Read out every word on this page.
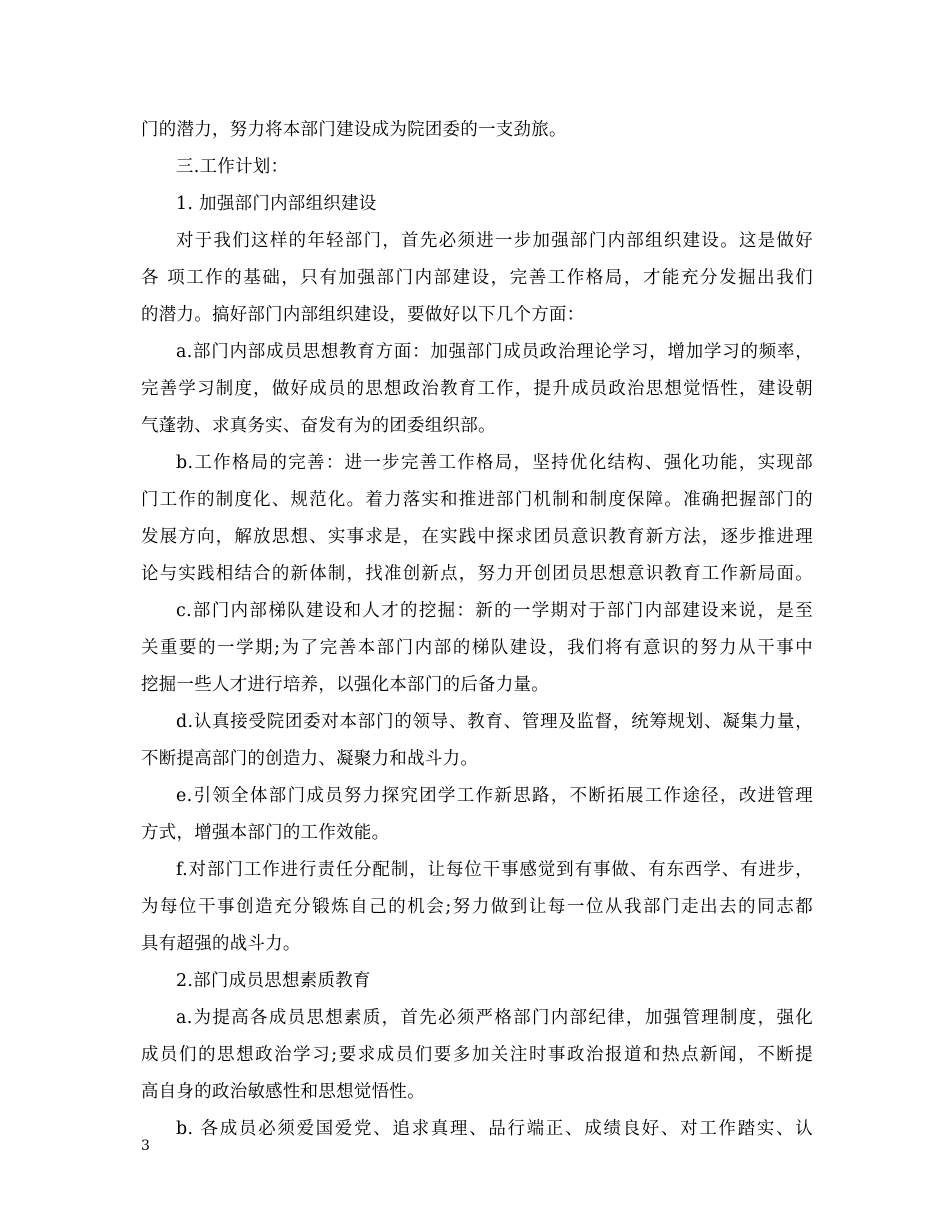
门的潜力，努力将本部门建设成为院团委的一支劲旅。
三.工作计划：
1. 加强部门内部组织建设
对于我们这样的年轻部门，首先必须进一步加强部门内部组织建设。这是做好
各 项工作的基础，只有加强部门内部建设，完善工作格局，才能充分发掘出我们
的潜力。搞好部门内部组织建设，要做好以下几个方面：
a.部门内部成员思想教育方面：加强部门成员政治理论学习，增加学习的频率，
完善学习制度，做好成员的思想政治教育工作，提升成员政治思想觉悟性，建设朝
气蓬勃、求真务实、奋发有为的团委组织部。
b.工作格局的完善：进一步完善工作格局，坚持优化结构、强化功能，实现部
门工作的制度化、规范化。着力落实和推进部门机制和制度保障。准确把握部门的
发展方向，解放思想、实事求是，在实践中探求团员意识教育新方法，逐步推进理
论与实践相结合的新体制，找准创新点，努力开创团员思想意识教育工作新局面。
c.部门内部梯队建设和人才的挖掘：新的一学期对于部门内部建设来说，是至
关重要的一学期;为了完善本部门内部的梯队建设，我们将有意识的努力从干事中
挖掘一些人才进行培养，以强化本部门的后备力量。
d.认真接受院团委对本部门的领导、教育、管理及监督，统筹规划、凝集力量，
不断提高部门的创造力、凝聚力和战斗力。
e.引领全体部门成员努力探究团学工作新思路，不断拓展工作途径，改进管理
方式，增强本部门的工作效能。
f.对部门工作进行责任分配制，让每位干事感觉到有事做、有东西学、有进步，
为每位干事创造充分锻炼自己的机会;努力做到让每一位从我部门走出去的同志都
具有超强的战斗力。
2.部门成员思想素质教育
a.为提高各成员思想素质，首先必须严格部门内部纪律，加强管理制度，强化
成员们的思想政治学习;要求成员们要多加关注时事政治报道和热点新闻，不断提
高自身的政治敏感性和思想觉悟性。
b. 各成员必须爱国爱党、追求真理、品行端正、成绩良好、对工作踏实、认
3
